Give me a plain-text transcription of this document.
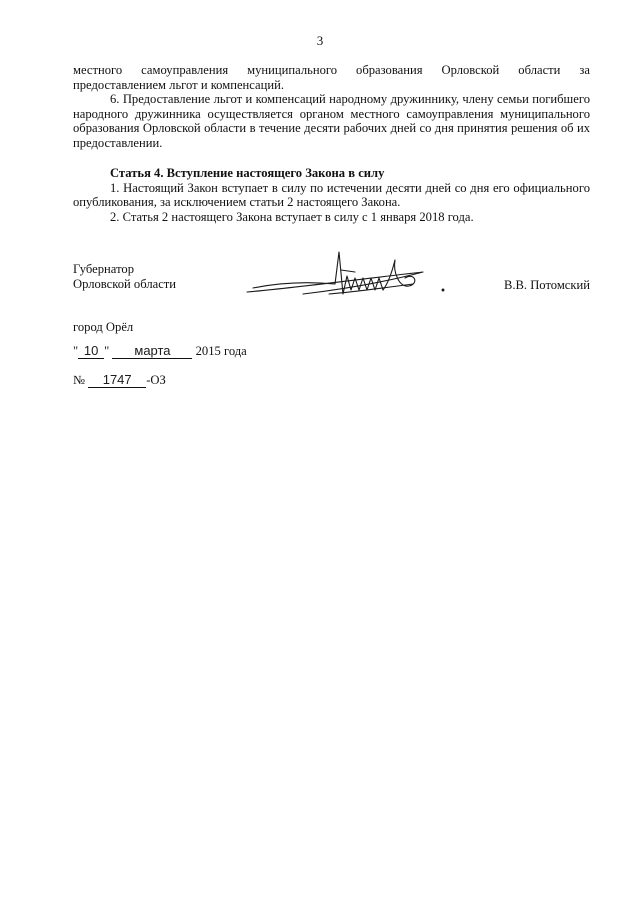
3

местного самоуправления муниципального образования Орловской области за предоставлением льгот и компенсаций.

6. Предоставление льгот и компенсаций народному дружиннику, члену семьи погибшего народного дружинника осуществляется органом местного самоуправления муниципального образования Орловской области в течение десяти рабочих дней со дня принятия решения об их предоставлении.

Статья 4. Вступление настоящего Закона в силу

1. Настоящий Закон вступает в силу по истечении десяти дней со дня его официального опубликования, за исключением статьи 2 настоящего Закона.

2. Статья 2 настоящего Закона вступает в силу с 1 января 2018 года.

Губернатор
Орловской области	В.В. Потомский
город Орёл
" 10 " марта 2015 года
№ 1747 -ОЗ
